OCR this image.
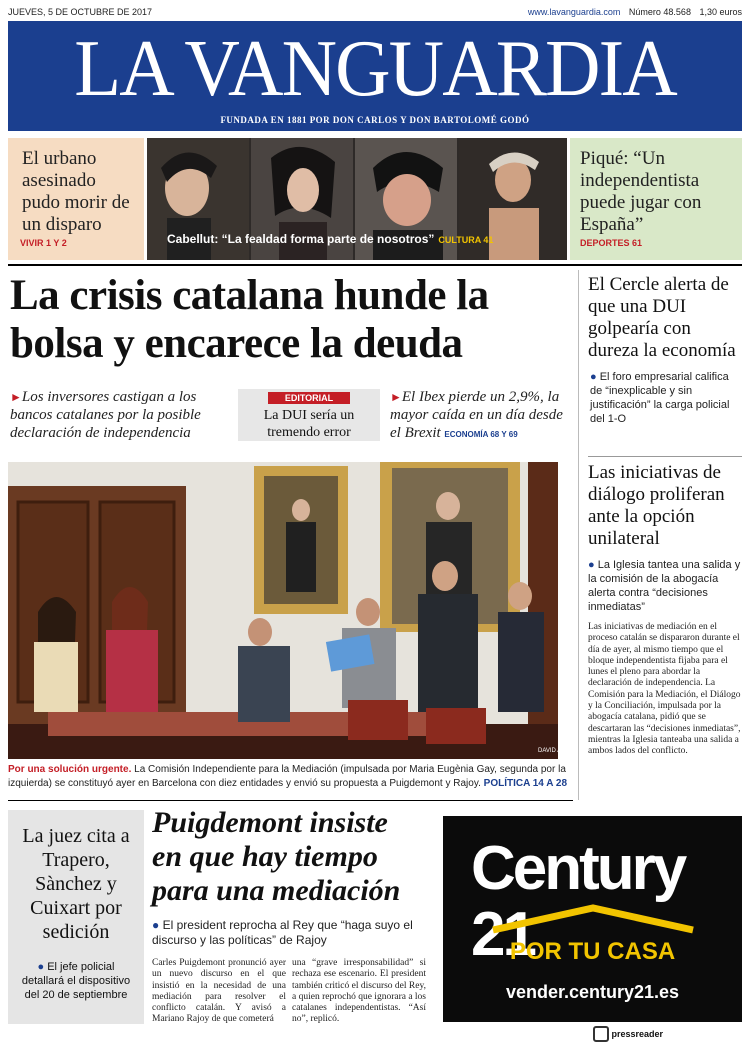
JUEVES, 5 DE OCTUBRE DE 2017	www.lavanguardia.com Número 48.568 1,30 euros
LA VANGUARDIA
FUNDADA EN 1881 POR DON CARLOS Y DON BARTOLOMÉ GODÓ
El urbano asesinado pudo morir de un disparo
VIVIR 1 Y 2	Cabellut: “La fealdad forma parte de nosotros” CULTURA 41
Piqué: “Un independentista puede jugar con España”
DEPORTES 61
La crisis catalana hunde la bolsa y encarece la deuda
►Los inversores castigan a los bancos catalanes por la posible declaración de independencia
EDITORIAL
La DUI sería un tremendo error
►El Ibex pierde un 2,9%, la mayor caída en un día desde el Brexit ECONOMÍA 68 Y 69
El Cercle alerta de que una DUI golpearía con dureza la economía
● El foro empresarial califica de “inexplicable y sin justificación” la carga policial del 1-O
Las iniciativas de diálogo proliferan ante la opción unilateral
● La Iglesia tantea una salida y la comisión de la abogacía alerta contra “decisiones inmediatas”
Las iniciativas de mediación en el proceso catalán se dispararon durante el día de ayer, al mismo tiempo que el bloque independentista fijaba para el lunes el pleno para abordar la declaración de independencia. La Comisión para la Mediación, el Diálogo y la Conciliación, impulsada por la abogacía catalana, pidió que se descartaran las “decisiones inmediatas”, mientras la Iglesia tanteaba una salida a ambos lados del conflicto.
DAVID AIROB
Por una solución urgente. La Comisión Independiente para la Mediación (impulsada por Maria Eugènia Gay, segunda por la izquierda) se constituyó ayer en Barcelona con diez entidades y envió su propuesta a Puigdemont y Rajoy. POLÍTICA 14 A 28
La juez cita a Trapero, Sànchez y Cuixart por sedición
● El jefe policial detallará el dispositivo del 20 de septiembre
Puigdemont insiste en que hay tiempo para una mediación
● El president reprocha al Rey que “haga suyo el discurso y las políticas” de Rajoy
Carles Puigdemont pronunció ayer un nuevo discurso en el que insistió en la necesidad de una mediación para resolver el conflicto catalán. Y avisó a Mariano Rajoy de que cometerá
una “grave irresponsabilidad” si rechaza ese escenario. El president también criticó el discurso del Rey, a quien reprochó que ignorara a los catalanes independentistas. “Así no”, replicó.
Century 21
POR TU CASA
vender.century21.es
pressreader
